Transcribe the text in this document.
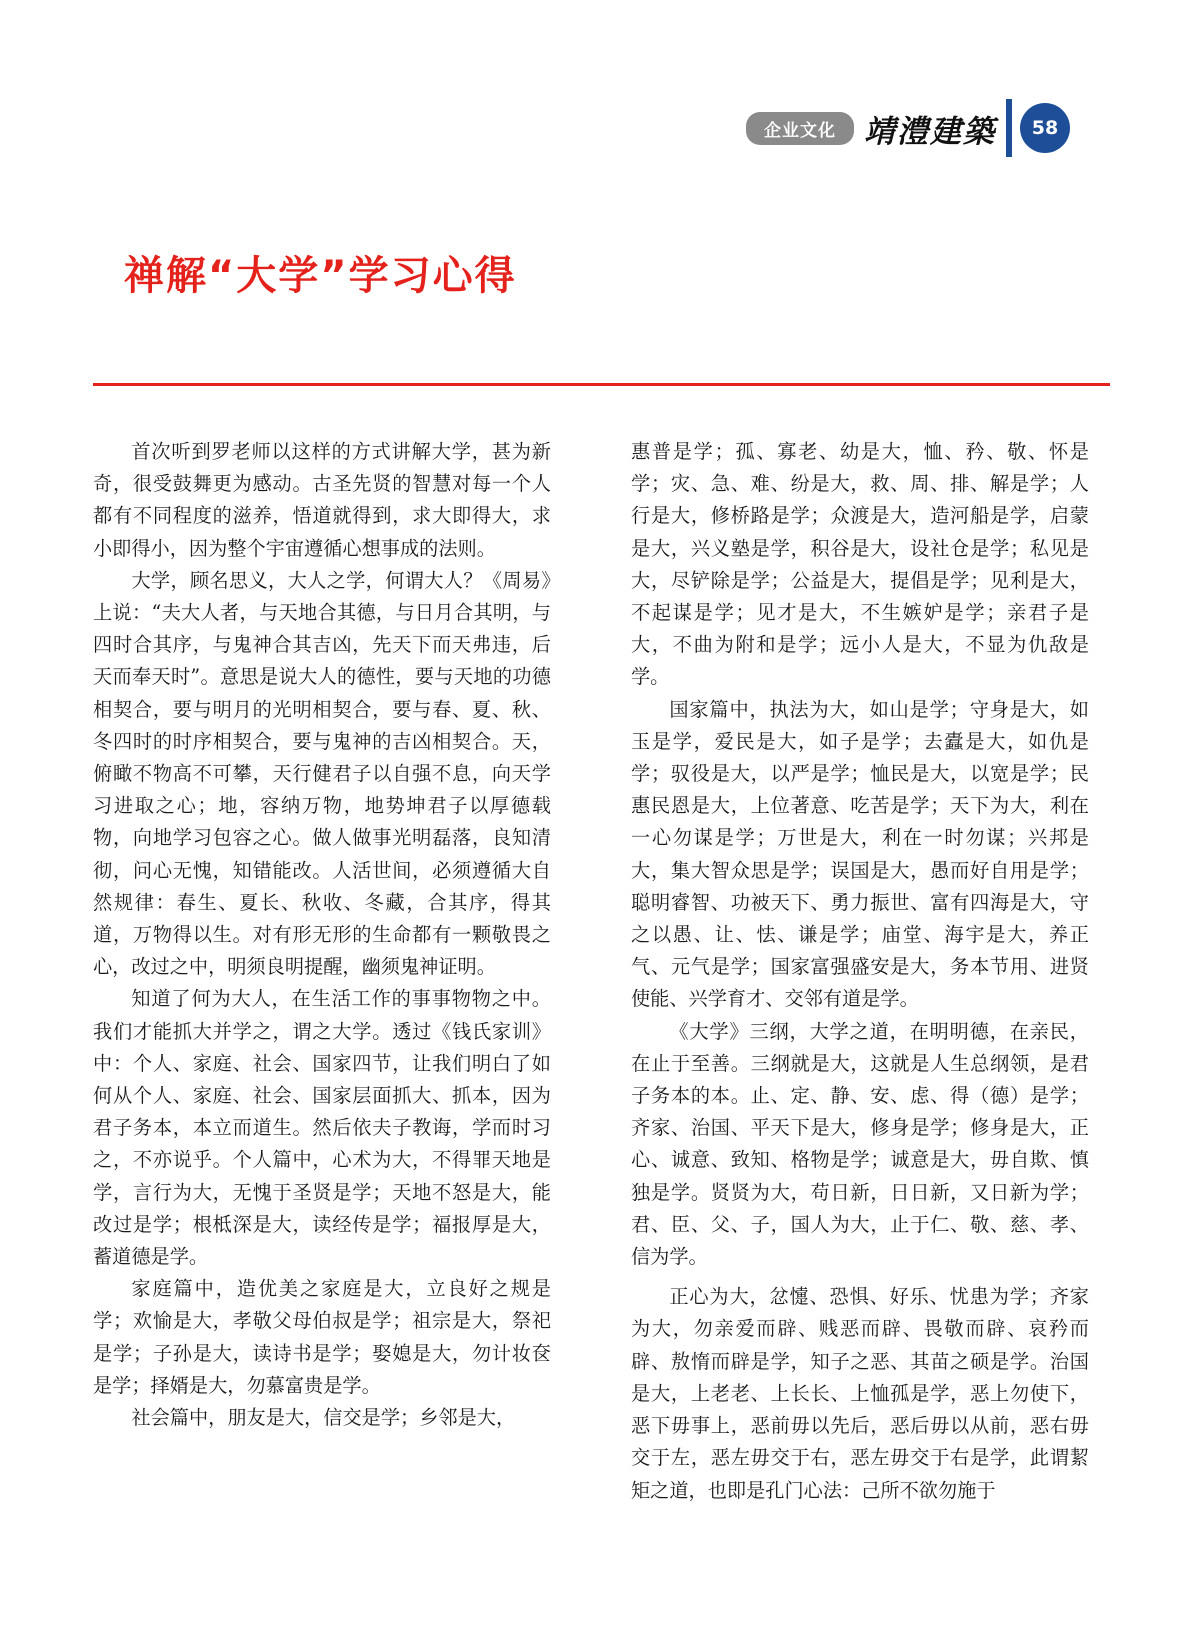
企业文化 靖澧建築	58
禅解“大学”学习心得

首次听到罗老师以这样的方式讲解大学，甚为新奇，很受鼓舞更为感动。古圣先贤的智慧对每一个人都有不同程度的滋养，悟道就得到，求大即得大，求小即得小，因为整个宇宙遵循心想事成的法则。

大学，顾名思义，大人之学，何谓大人？《周易》上说：“夫大人者，与天地合其德，与日月合其明，与四时合其序，与鬼神合其吉凶，先天下而天弗违，后天而奉天时”。意思是说大人的德性，要与天地的功德相契合，要与明月的光明相契合，要与春、夏、秋、冬四时的时序相契合，要与鬼神的吉凶相契合。天，俯瞰不物高不可攀，天行健君子以自强不息，向天学习进取之心；地，容纳万物，地势坤君子以厚德载物，向地学习包容之心。做人做事光明磊落，良知清彻，问心无愧，知错能改。人活世间，必须遵循大自然规律：春生、夏长、秋收、冬藏，合其序，得其道，万物得以生。对有形无形的生命都有一颗敬畏之心，改过之中，明须良明提醒，幽须鬼神证明。

知道了何为大人，在生活工作的事事物物之中。我们才能抓大并学之，谓之大学。透过《钱氏家训》中：个人、家庭、社会、国家四节，让我们明白了如何从个人、家庭、社会、国家层面抓大、抓本，因为君子务本，本立而道生。然后依夫子教诲，学而时习之，不亦说乎。个人篇中，心术为大，不得罪天地是学，言行为大，无愧于圣贤是学；天地不怒是大，能改过是学；根柢深是大，读经传是学；福报厚是大，蓄道德是学。

家庭篇中，造优美之家庭是大，立良好之规是学；欢愉是大，孝敬父母伯叔是学；祖宗是大，祭祀是学；子孙是大，读诗书是学；娶媳是大，勿计妆奁是学；择婿是大，勿慕富贵是学。

社会篇中，朋友是大，信交是学；乡邻是大，

惠普是学；孤、寡老、幼是大，恤、矜、敬、怀是学；灾、急、难、纷是大，救、周、排、解是学；人行是大，修桥路是学；众渡是大，造河船是学，启蒙是大，兴义塾是学，积谷是大，设社仓是学；私见是大，尽铲除是学；公益是大，提倡是学；见利是大，不起谋是学；见才是大，不生嫉妒是学；亲君子是大，不曲为附和是学；远小人是大，不显为仇敌是学。

国家篇中，执法为大，如山是学；守身是大，如玉是学，爱民是大，如子是学；去蠹是大，如仇是学；驭役是大，以严是学；恤民是大，以宽是学；民惠民恩是大，上位著意、吃苦是学；天下为大，利在一心勿谋是学；万世是大，利在一时勿谋；兴邦是大，集大智众思是学；误国是大，愚而好自用是学；聪明睿智、功被天下、勇力振世、富有四海是大，守之以愚、让、怯、谦是学；庙堂、海宇是大，养正气、元气是学；国家富强盛安是大，务本节用、进贤使能、兴学育才、交邻有道是学。

《大学》三纲，大学之道，在明明德，在亲民，在止于至善。三纲就是大，这就是人生总纲领，是君子务本的本。止、定、静、安、虑、得（德）是学；齐家、治国、平天下是大，修身是学；修身是大，正心、诚意、致知、格物是学；诚意是大，毋自欺、慎独是学。贤贤为大，苟日新，日日新，又日新为学；君、臣、父、子，国人为大，止于仁、敬、慈、孝、信为学。

正心为大，忿懥、恐惧、好乐、忧患为学；齐家为大，勿亲爱而辟、贱恶而辟、畏敬而辟、哀矜而辟、敖惰而辟是学，知子之恶、其苗之硕是学。治国是大，上老老、上长长、上恤孤是学，恶上勿使下，恶下毋事上，恶前毋以先后，恶后毋以从前，恶右毋交于左，恶左毋交于右，恶左毋交于右是学，此谓絜矩之道，也即是孔门心法：己所不欲勿施于
